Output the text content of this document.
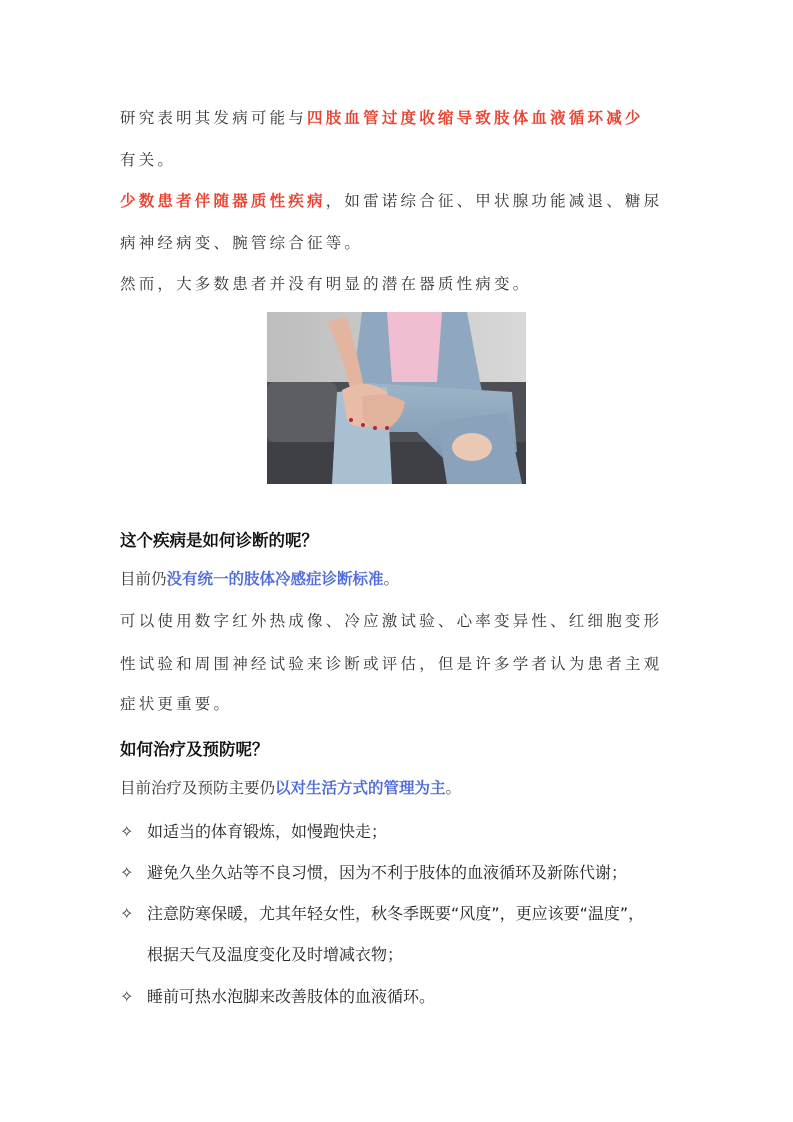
研究表明其发病可能与四肢血管过度收缩导致肢体血液循环减少

有关。

少数患者伴随器质性疾病，如雷诺综合征、甲状腺功能减退、糖尿

病神经病变、腕管综合征等。

然而，大多数患者并没有明显的潜在器质性病变。

这个疾病是如何诊断的呢？

目前仍没有统一的肢体冷感症诊断标准。

可以使用数字红外热成像、冷应激试验、心率变异性、红细胞变形

性试验和周围神经试验来诊断或评估，但是许多学者认为患者主观

症状更重要。

如何治疗及预防呢？

目前治疗及预防主要仍以对生活方式的管理为主。

✧ 如适当的体育锻炼，如慢跑快走；
✧ 避免久坐久站等不良习惯，因为不利于肢体的血液循环及新陈代谢；
✧ 注意防寒保暖，尤其年轻女性，秋冬季既要“风度”，更应该要“温度”，
根据天气及温度变化及时增减衣物；
✧ 睡前可热水泡脚来改善肢体的血液循环。
